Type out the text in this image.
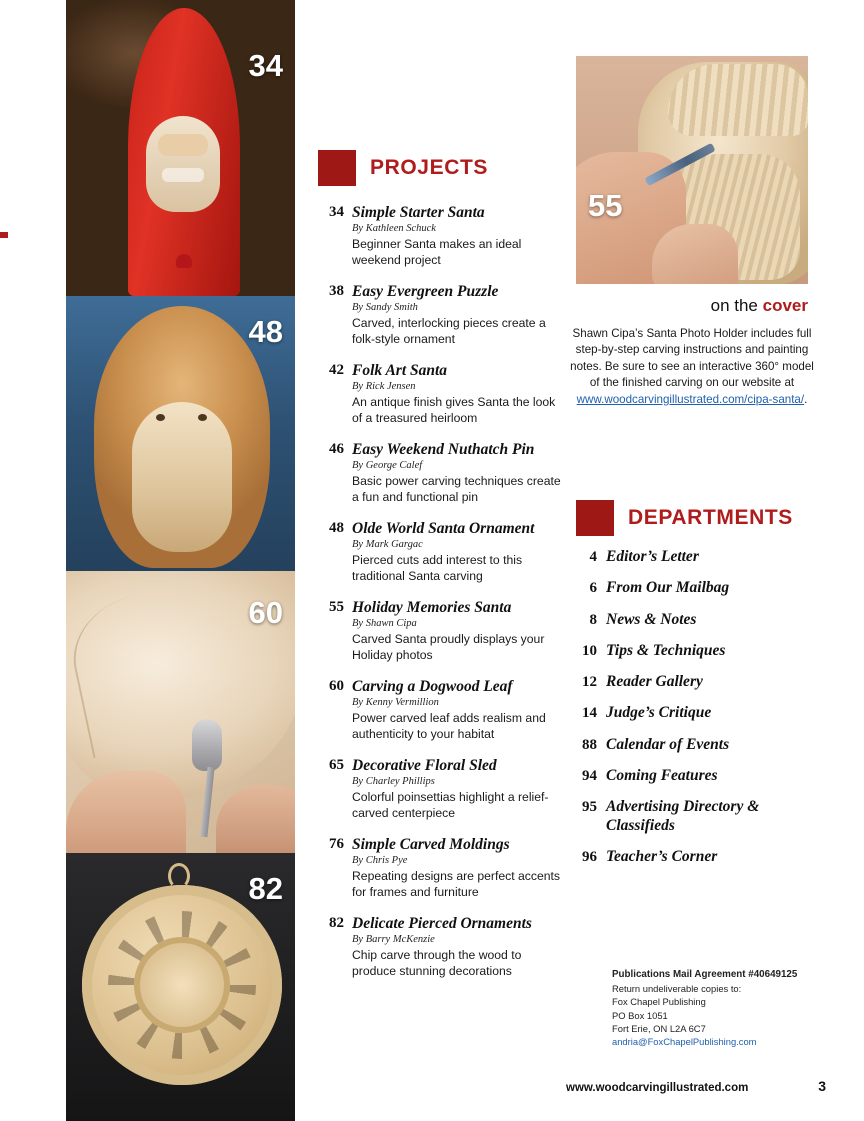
34
48
60
82
PROJECTS
34 Simple Starter Santa
By Kathleen Schuck
Beginner Santa makes an ideal weekend project
38 Easy Evergreen Puzzle
By Sandy Smith
Carved, interlocking pieces create a folk-style ornament
42 Folk Art Santa
By Rick Jensen
An antique finish gives Santa the look of a treasured heirloom
46 Easy Weekend Nuthatch Pin
By George Calef
Basic power carving techniques create a fun and functional pin
48 Olde World Santa Ornament
By Mark Gargac
Pierced cuts add interest to this traditional Santa carving
55 Holiday Memories Santa
By Shawn Cipa
Carved Santa proudly displays your Holiday photos
60 Carving a Dogwood Leaf
By Kenny Vermillion
Power carved leaf adds realism and authenticity to your habitat
65 Decorative Floral Sled
By Charley Phillips
Colorful poinsettias highlight a relief-carved centerpiece
76 Simple Carved Moldings
By Chris Pye
Repeating designs are perfect accents for frames and furniture
82 Delicate Pierced Ornaments
By Barry McKenzie
Chip carve through the wood to produce stunning decorations
55
on the cover
Shawn Cipa’s Santa Photo Holder includes full step-by-step carving instructions and painting notes. Be sure to see an interactive 360° model of the finished carving on our website at www.woodcarvingillustrated.com/cipa-santa/.
DEPARTMENTS
4 Editor’s Letter
6 From Our Mailbag
8 News & Notes
10 Tips & Techniques
12 Reader Gallery
14 Judge’s Critique
88 Calendar of Events
94 Coming Features
95 Advertising Directory & Classifieds
96 Teacher’s Corner
Publications Mail Agreement #40649125
Return undeliverable copies to:
Fox Chapel Publishing
PO Box 1051
Fort Erie, ON L2A 6C7
andria@FoxChapelPublishing.com
www.woodcarvingillustrated.com	3
